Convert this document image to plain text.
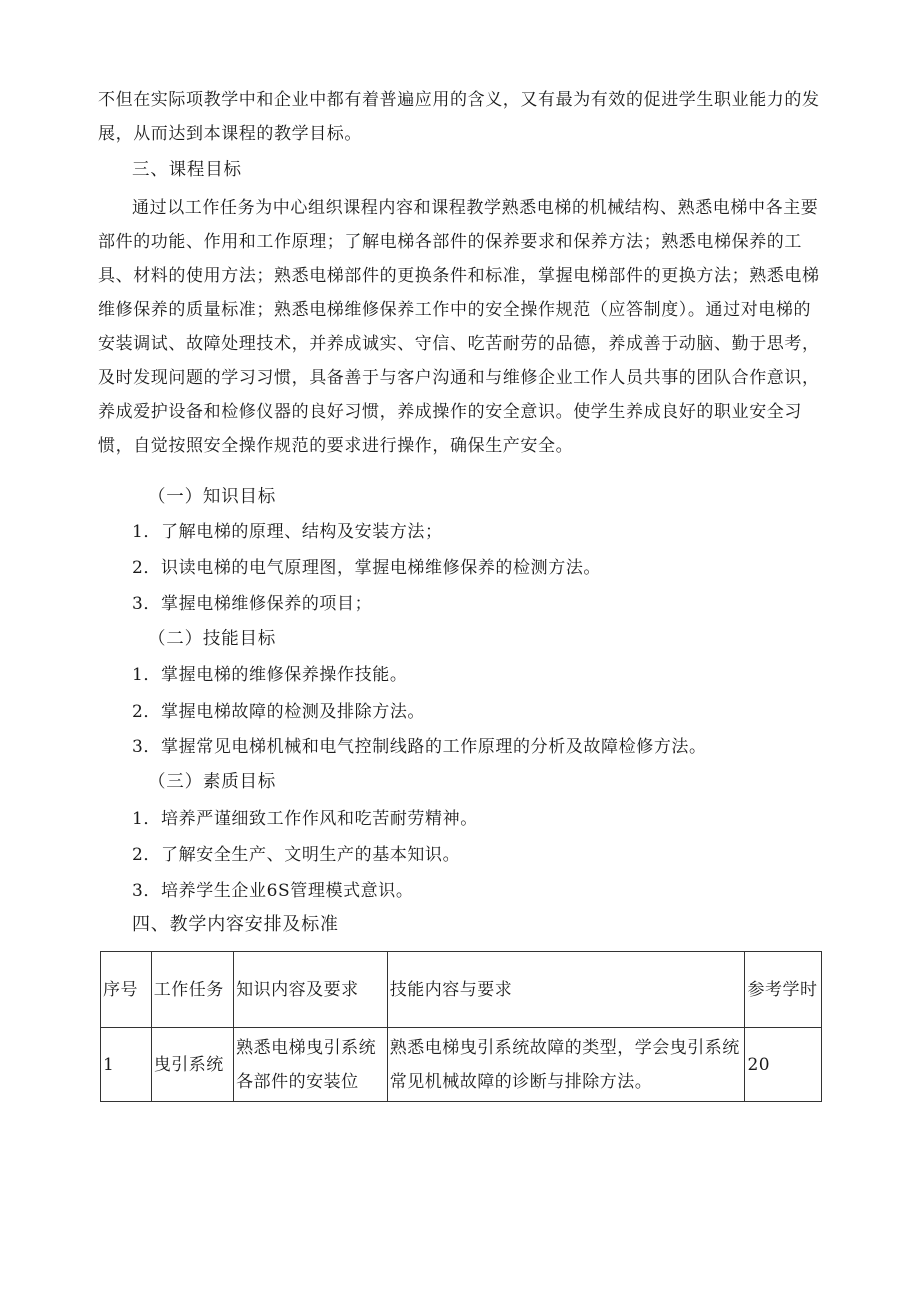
不但在实际项教学中和企业中都有着普遍应用的含义，又有最为有效的促进学生职业能力的发展，从而达到本课程的教学目标。

三、课程目标

通过以工作任务为中心组织课程内容和课程教学熟悉电梯的机械结构、熟悉电梯中各主要部件的功能、作用和工作原理；了解电梯各部件的保养要求和保养方法；熟悉电梯保养的工具、材料的使用方法；熟悉电梯部件的更换条件和标准，掌握电梯部件的更换方法；熟悉电梯维修保养的质量标准；熟悉电梯维修保养工作中的安全操作规范（应答制度）。通过对电梯的安装调试、故障处理技术，并养成诚实、守信、吃苦耐劳的品德，养成善于动脑、勤于思考，及时发现问题的学习习惯，具备善于与客户沟通和与维修企业工作人员共事的团队合作意识，养成爱护设备和检修仪器的良好习惯，养成操作的安全意识。使学生养成良好的职业安全习惯，自觉按照安全操作规范的要求进行操作，确保生产安全。

（一）知识目标

1．了解电梯的原理、结构及安装方法；

2．识读电梯的电气原理图，掌握电梯维修保养的检测方法。

3．掌握电梯维修保养的项目；

（二）技能目标

1．掌握电梯的维修保养操作技能。

2．掌握电梯故障的检测及排除方法。

3．掌握常见电梯机械和电气控制线路的工作原理的分析及故障检修方法。

（三）素质目标

1．培养严谨细致工作作风和吃苦耐劳精神。

2．了解安全生产、文明生产的基本知识。

3．培养学生企业6S管理模式意识。

四、教学内容安排及标准

序号	工作任务	知识内容及要求	技能内容与要求	参考学时
1	曳引系统	熟悉电梯曳引系统各部件的安装位	熟悉电梯曳引系统故障的类型，学会曳引系统常见机械故障的诊断与排除方法。	20
